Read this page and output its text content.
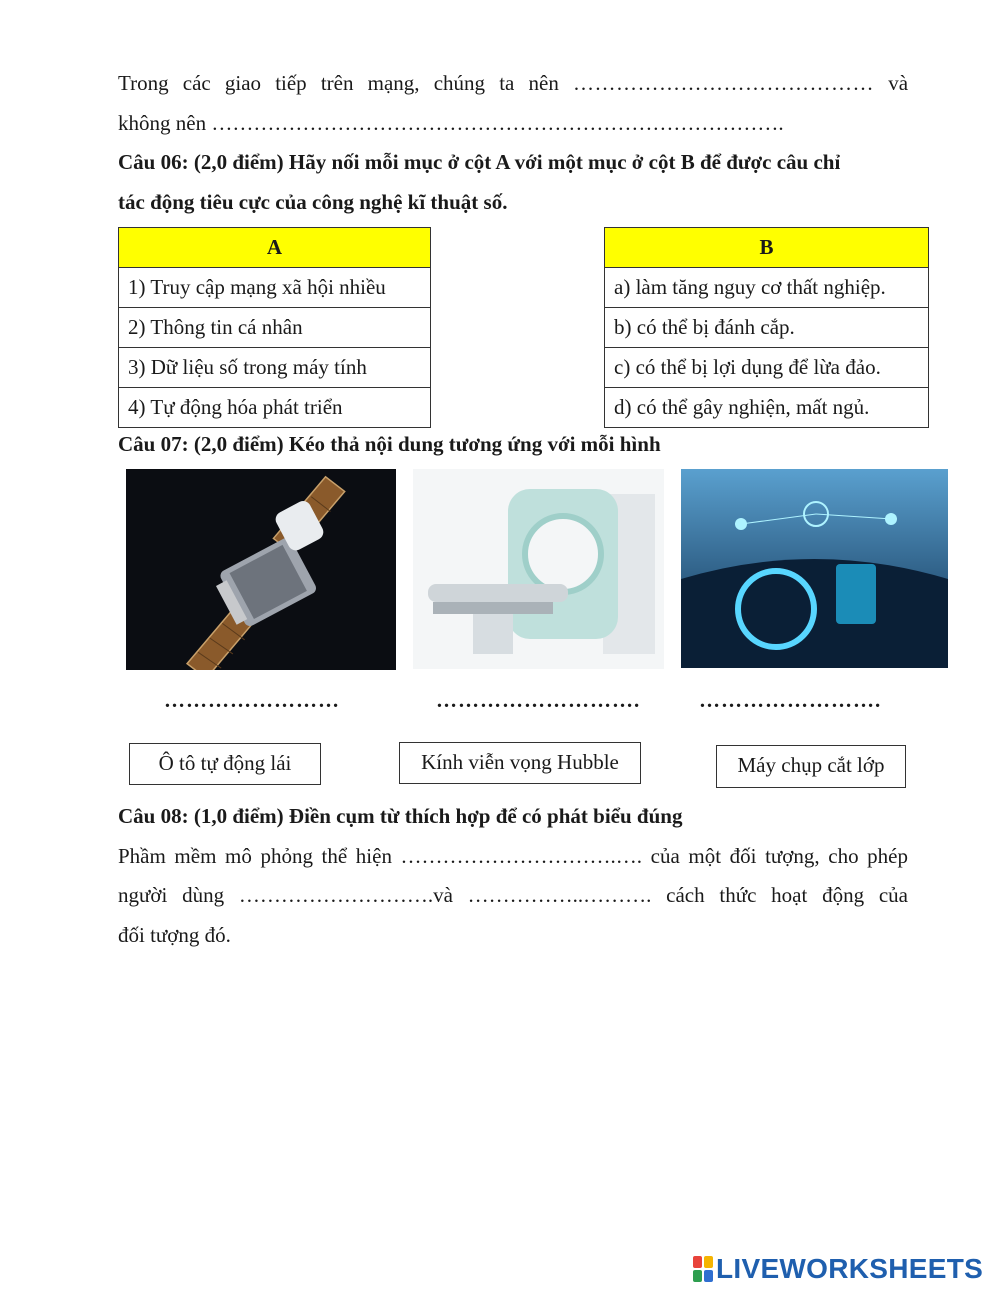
Trong các giao tiếp trên mạng, chúng ta nên …………………………………… và

không nên ……………………………………………………………………….

Câu 06: (2,0 điểm) Hãy nối mỗi mục ở cột A với một mục ở cột B để được câu chỉ

tác động tiêu cực của công nghệ kĩ thuật số.

A
1) Truy cập mạng xã hội nhiều
2) Thông tin cá nhân
3) Dữ liệu số trong máy tính
4) Tự động hóa phát triển
B
a) làm tăng nguy cơ thất nghiệp.
b) có thể bị đánh cắp.
c) có thể bị lợi dụng để lừa đảo.
d) có thể gây nghiện, mất ngủ.

Câu 07: (2,0 điểm) Kéo thả nội dung tương ứng với mỗi hình

……………………	……………………….	…………………….
Ô tô tự động lái	Kính viễn vọng Hubble	Máy chụp cắt lớp

Câu 08: (1,0 điểm) Điền cụm từ thích hợp để có phát biểu đúng

Phầm mềm mô phỏng thể hiện ………………………….…. của một đối tượng, cho phép

người dùng ……………………….và ……………..………. cách thức hoạt động của

đối tượng đó.

LIVEWORKSHEETS
